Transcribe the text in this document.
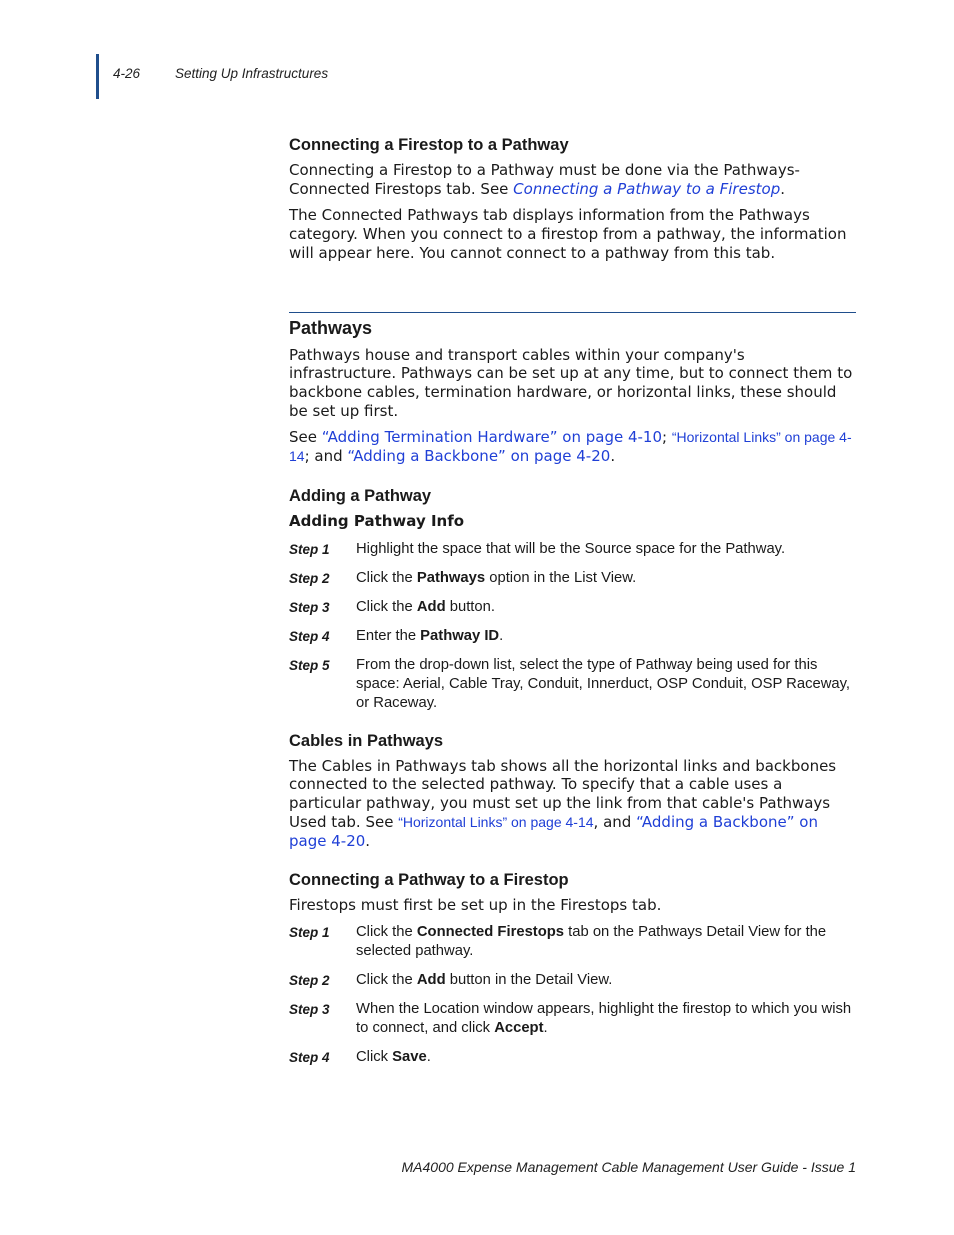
4-26	Setting Up Infrastructures
Connecting a Firestop to a Pathway

Connecting a Firestop to a Pathway must be done via the Pathways-Connected Firestops tab. See Connecting a Pathway to a Firestop.

The Connected Pathways tab displays information from the Pathways category. When you connect to a firestop from a pathway, the information will appear here. You cannot connect to a pathway from this tab.

Pathways

Pathways house and transport cables within your company's infrastructure. Pathways can be set up at any time, but to connect them to backbone cables, termination hardware, or horizontal links, these should be set up first.

See “Adding Termination Hardware” on page 4-10; “Horizontal Links” on page 4-14; and “Adding a Backbone” on page 4-20.

Adding a Pathway
Adding Pathway Info
Step 1	Highlight the space that will be the Source space for the Pathway.
Step 2	Click the Pathways option in the List View.
Step 3	Click the Add button.
Step 4	Enter the Pathway ID.
Step 5	From the drop-down list, select the type of Pathway being used for this space: Aerial, Cable Tray, Conduit, Innerduct, OSP Conduit, OSP Raceway, or Raceway.
Cables in Pathways

The Cables in Pathways tab shows all the horizontal links and backbones connected to the selected pathway. To specify that a cable uses a particular pathway, you must set up the link from that cable's Pathways Used tab. See “Horizontal Links” on page 4-14, and “Adding a Backbone” on page 4-20.

Connecting a Pathway to a Firestop

Firestops must first be set up in the Firestops tab.

Step 1	Click the Connected Firestops tab on the Pathways Detail View for the selected pathway.
Step 2	Click the Add button in the Detail View.
Step 3	When the Location window appears, highlight the firestop to which you wish to connect, and click Accept.
Step 4	Click Save.
MA4000 Expense Management Cable Management User Guide - Issue 1
